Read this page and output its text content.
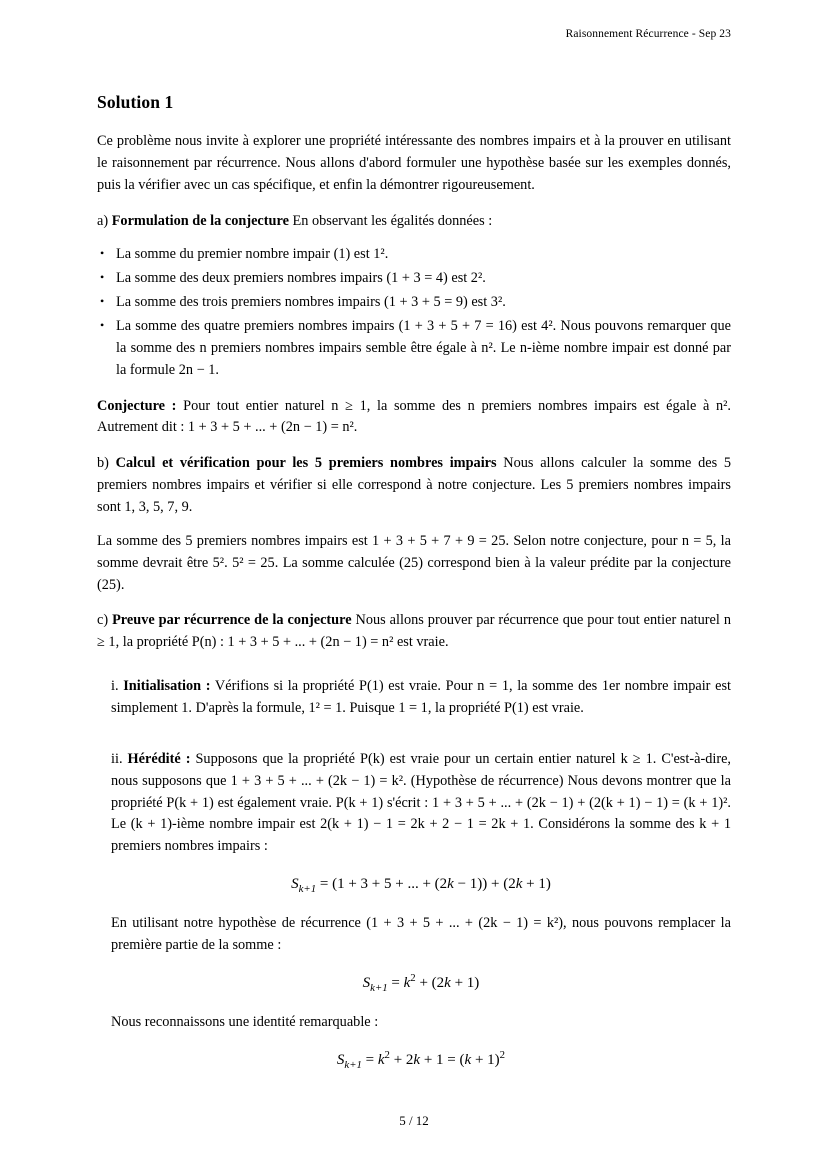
Raisonnement Récurrence - Sep 23
Solution 1

Ce problème nous invite à explorer une propriété intéressante des nombres impairs et à la prouver en utilisant le raisonnement par récurrence. Nous allons d'abord formuler une hypothèse basée sur les exemples donnés, puis la vérifier avec un cas spécifique, et enfin la démontrer rigoureusement.

a) Formulation de la conjecture En observant les égalités données :

• La somme du premier nombre impair (1) est 1².
• La somme des deux premiers nombres impairs (1 + 3 = 4) est 2².
• La somme des trois premiers nombres impairs (1 + 3 + 5 = 9) est 3².
• La somme des quatre premiers nombres impairs (1 + 3 + 5 + 7 = 16) est 4². Nous pouvons remarquer que la somme des n premiers nombres impairs semble être égale à n². Le n-ième nombre impair est donné par la formule 2n − 1.

Conjecture : Pour tout entier naturel n ≥ 1, la somme des n premiers nombres impairs est égale à n². Autrement dit : 1 + 3 + 5 + ... + (2n − 1) = n².

b) Calcul et vérification pour les 5 premiers nombres impairs Nous allons calculer la somme des 5 premiers nombres impairs et vérifier si elle correspond à notre conjecture. Les 5 premiers nombres impairs sont 1, 3, 5, 7, 9.

La somme des 5 premiers nombres impairs est 1 + 3 + 5 + 7 + 9 = 25. Selon notre conjecture, pour n = 5, la somme devrait être 5². 5² = 25. La somme calculée (25) correspond bien à la valeur prédite par la conjecture (25).

c) Preuve par récurrence de la conjecture Nous allons prouver par récurrence que pour tout entier naturel n ≥ 1, la propriété P(n) : 1 + 3 + 5 + ... + (2n − 1) = n² est vraie.

i. Initialisation : Vérifions si la propriété P(1) est vraie. Pour n = 1, la somme des 1er nombre impair est simplement 1. D'après la formule, 1² = 1. Puisque 1 = 1, la propriété P(1) est vraie.

ii. Hérédité : Supposons que la propriété P(k) est vraie pour un certain entier naturel k ≥ 1. C'est-à-dire, nous supposons que 1 + 3 + 5 + ... + (2k − 1) = k². (Hypothèse de récurrence) Nous devons montrer que la propriété P(k + 1) est également vraie. P(k + 1) s'écrit : 1 + 3 + 5 + ... + (2k − 1) + (2(k + 1) − 1) = (k + 1)². Le (k + 1)-ième nombre impair est 2(k + 1) − 1 = 2k + 2 − 1 = 2k + 1. Considérons la somme des k + 1 premiers nombres impairs :

$S_{k+1} = (1 + 3 + 5$ + ... + (2k − 1)) + (2k + 1)

En utilisant notre hypothèse de récurrence (1 + 3 + 5 + ... + (2k − 1) = k²), nous pouvons remplacer la première partie de la somme :

$S_{k+1} = k^2 + (2k + 1)$

Nous reconnaissons une identité remarquable :

$S_{k+1} = k^2 + 2k + 1 = (k + 1)^2$
5 / 12
